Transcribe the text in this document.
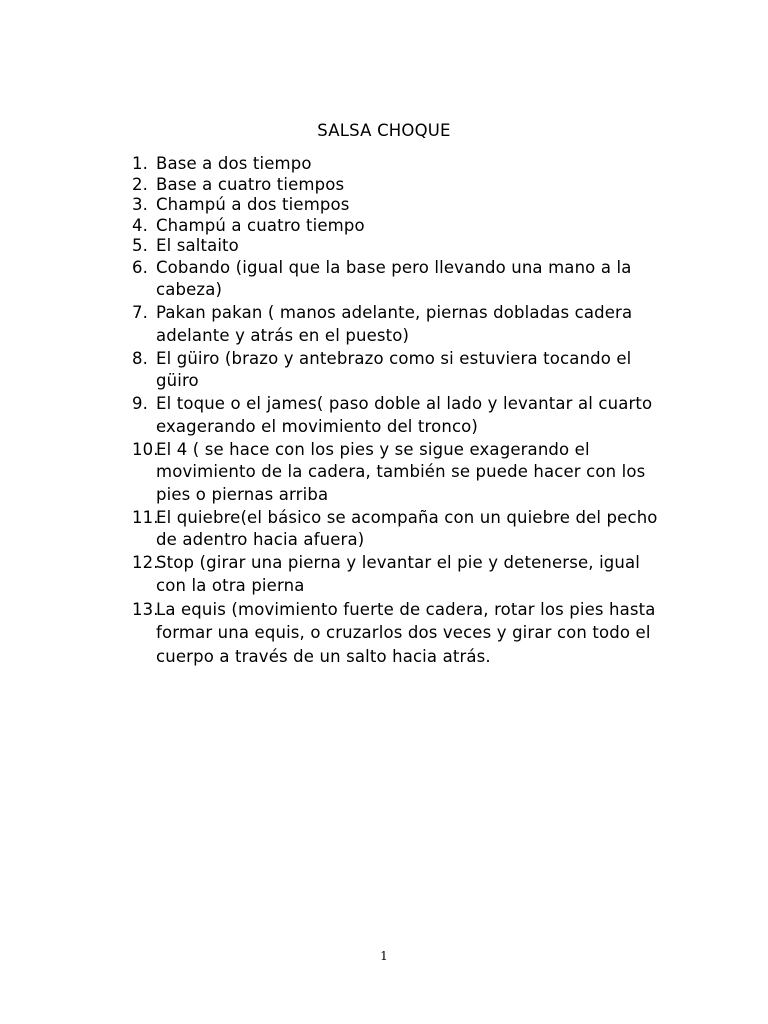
SALSA CHOQUE
1. Base a dos tiempo
2. Base a cuatro tiempos
3. Champú a dos tiempos
4. Champú a cuatro tiempo
5. El saltaito
6. Cobando (igual que la base pero llevando una mano a la cabeza)
7. Pakan pakan ( manos adelante, piernas dobladas cadera adelante y atrás en el puesto)
8. El güiro (brazo y antebrazo como si estuviera tocando el güiro
9. El toque o el james( paso doble al lado y levantar al cuarto exagerando el movimiento del tronco)
10.
El 4 ( se hace con los pies y se sigue exagerando el movimiento de la cadera, también se puede hacer con los pies o piernas arriba
11.
El quiebre(el básico se acompaña con un quiebre del pecho de adentro hacia afuera)
12.
Stop (girar una pierna y levantar el pie y detenerse, igual con la otra pierna
13.
La equis (movimiento fuerte de cadera, rotar los pies hasta formar una equis, o cruzarlos dos veces y girar con todo el cuerpo a través de un salto hacia atrás.
1
